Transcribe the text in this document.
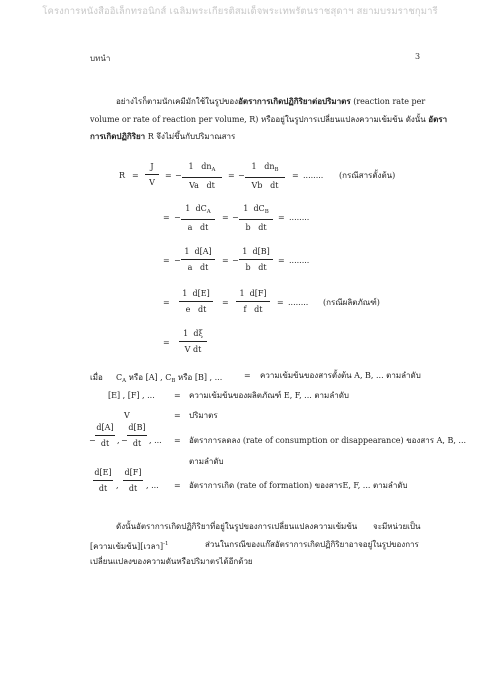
โครงการหนังสืออิเล็กทรอนิกส์ เฉลิมพระเกียรติสมเด็จพระเทพรัตนราชสุดาฯ สยามบรมราชกุมารี
บทนำ	3
อย่างไรก็ตามนักเคมีมักใช้ในรูปของอัตราการเกิดปฏิกิริยาต่อปริมาตร (reaction rate per
volume or rate of reaction per volume, R) หรืออยู่ในรูปการเปลี่ยนแปลงความเข้มข้น ดังนั้น อัตรา
การเกิดปฏิกิริยา R จึงไม่ขึ้นกับปริมาณสาร
$R = \frac{J}{V}$ = −
1 $dn_A$
Va dt
= −
1 $dn_B$
Vb dt
= ........ (กรณีสารตั้งต้น)
= −
1 $dC_A$
a dt
= −
1 $dC_B$
b dt
= ........
= − $\frac{1 d[A]}{\text{a dt}}$ = − $\frac{1 d[B]}{\text{b dt}}$ = ........
= $\frac{1 d[E]}{\text{e dt}} = \frac{1 d[F]}{\text{f dt}}$ = ........ (กรณีผลิตภัณฑ์)
= $\frac{1 d\xi}{\text{V dt}}$
เมื่อ $C_A$ หรือ [A] , $C_B$ หรือ [B] , ...	= ความเข้มข้นของสารตั้งต้น A, B, ... ตามลำดับ
[E] , [F] , ... = ความเข้มข้นของผลิตภัณฑ์ E, F, ... ตามลำดับ
V	= ปริมาตร
− $\frac{d[A]}{dt}$ , − $\frac{d[B]}{dt}$ , ... = อัตราการลดลง (rate of consumption or disappearance) ของสาร A, B, ...
ตามลำดับ
$\frac{d[E]}{dt}$ , $\frac{d[F]}{dt}$ , ... = อัตราการเกิด (rate of formation) ของสารE, F, ... ตามลำดับ
ดังนั้นอัตราการเกิดปฏิกิริยาที่อยู่ในรูปของการเปลี่ยนแปลงความเข้มข้น จะมีหน่วยเป็น
[ความเข้มข้น][เวลา]$^{-1}$	ส่วนในกรณีของแก๊สอัตราการเกิดปฏิกิริยาอาจอยู่ในรูปของการ
เปลี่ยนแปลงของความดันหรือปริมาตรได้อีกด้วย
